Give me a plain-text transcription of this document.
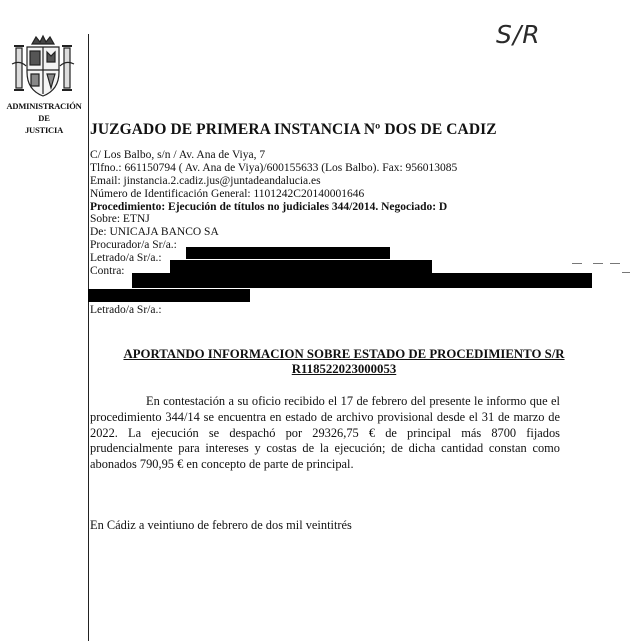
ADMINISTRACIÓN
DE
JUSTICIA
S/R
JUZGADO DE PRIMERA INSTANCIA Nº DOS DE CADIZ
C/ Los Balbo, s/n / Av. Ana de Viya, 7
Tlfno.: 661150794 ( Av. Ana de Viya)/600155633 (Los Balbo). Fax: 956013085
Email: jinstancia.2.cadiz.jus@juntadeandalucia.es
Número de Identificación General: 1101242C20140001646
Procedimiento: Ejecución de títulos no judiciales 344/2014. Negociado: D
Sobre: ETNJ
De: UNICAJA BANCO SA
Procurador/a Sr/a.:
Letrado/a Sr/a.:
Contra:
Letrado/a Sr/a.:
APORTANDO INFORMACION SOBRE ESTADO DE PROCEDIMIENTO S/R
R118522023000053
En contestación a su oficio recibido el 17 de febrero del presente le informo que el procedimiento 344/14 se encuentra en estado de archivo provisional desde el 31 de marzo de 2022. La ejecución se despachó por 29326,75 € de principal más 8700 fijados prudencialmente para intereses y costas de la ejecución; de dicha cantidad constan como abonados 790,95 € en concepto de parte de principal.
En Cádiz a veintiuno de febrero de dos mil veintitrés
